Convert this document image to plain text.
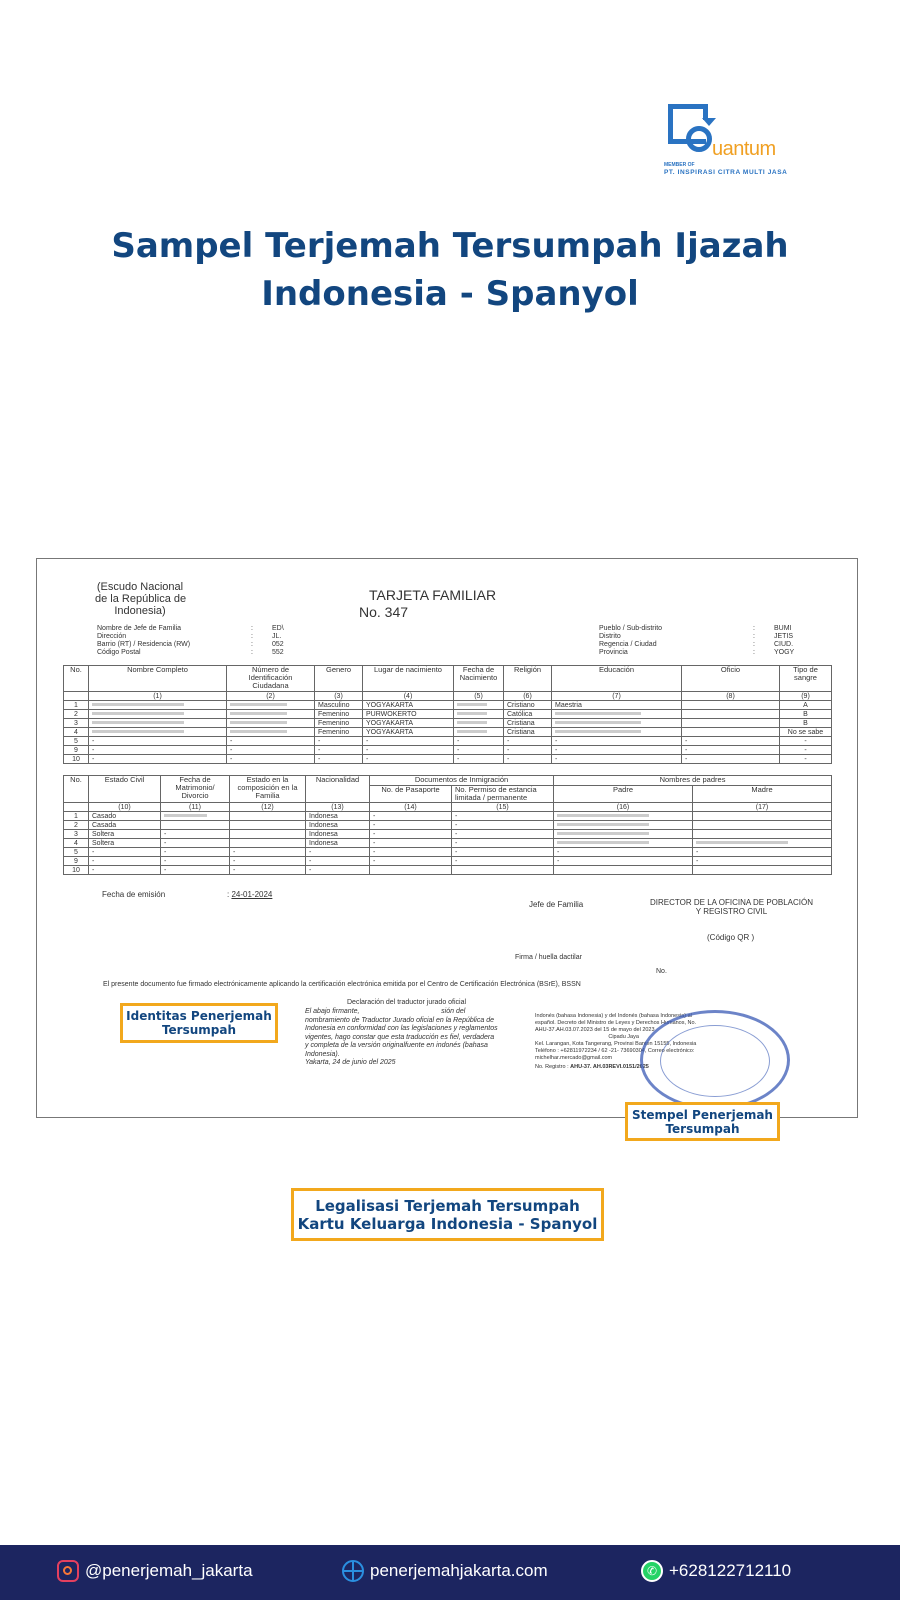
uantum
MEMBER OF
PT. INSPIRASI CITRA MULTI JASA
Sampel Terjemah Tersumpah Ijazah
Indonesia - Spanyol
(Escudo Nacional
de la República de
Indonesia)
TARJETA FAMILIAR
No. 347
Nombre de Jefe de Familia	:	ED\
Dirección	:	JL.
Barrio (RT) / Residencia (RW)	:	052
Código Postal	:	552
Pueblo / Sub-distrito	:	BUMI
Distrito	:	JETIS
Regencia / Ciudad	:	CIUD.
Provincia	:	YOGY
No.	Nombre Completo	Número de Identificación Ciudadana	Genero	Lugar de nacimiento	Fecha de Nacimiento	Religión	Educación	Oficio	Tipo de sangre
	(1)	(2)	(3)	(4)	(5)	(6)	(7)	(8)	(9)
1			Masculino	YOGYAKARTA		Cristiano	Maestria		A
2			Femenino	PURWOKERTO		Católica			B
3			Femenino	YOGYAKARTA		Cristiana			B
4			Femenino	YOGYAKARTA		Cristiana			No se sabe
5	-	-	-	-	-	-	-	-	-
9	-	-	-	-	-	-	-	-	-
10	-	-	-	-	-	-	-	-	-
No.	Estado Civil	Fecha de Matrimonio/ Divorcio	Estado en la composición en la Familia	Nacionalidad	Documentos de Inmigración		Nombres de padres	
					No. de Pasaporte	No. Permiso de estancia limitada / permanente	Padre	Madre
	(10)	(11)	(12)	(13)	(14)	(15)	(16)	(17)
1	Casado			Indonesa	-	-		
2	Casada			Indonesa	-	-		
3	Soltera	-		Indonesa	-	-		
4	Soltera	-		Indonesa	-	-		
5	-	-	-	-	-	-	-	-
9	-	-	-	-	-	-	-	-
10	-	-	-	-				
Fecha de emisión	: 24-01-2024
Jefe de Familia	DIRECTOR DE LA OFICINA DE POBLACIÓN
Y REGISTRO CIVIL
(Código QR )
Firma / huella dactilar
No.
El presente documento fue firmado electrónicamente aplicando la certificación electrónica emitida por el Centro de Certificación Electrónica (BSrE), BSSN
Declaración del traductor jurado oficial
El abajo firmante,                                          sión del
nombramiento de Traductor Jurado oficial en la República de
Indonesia en conformidad con las legislaciones y reglamentos
vigentes, hago constar que esta traducción es fiel, verdadera
y completa de la versión originalfuente en indonés (bahasa
Indonesia).
Yakarta, 24 de junio del 2025
Indonés (bahasa Indonesia) y del Indonés (bahasa Indonesia) al
español. Decreto del Ministro de Leyes y Derechos Humanos, No.
AHU-37.AH.03.07.2023 del 15 de mayo del 2023
Cipadu Jaya
Kel. Larangan, Kota Tangerang, Provinsi Banten 15155, Indonesia
Teléfono : +62811972234 / 62 -21- 73690304, Correo electrónico:
michelhar.mercado@gmail.com
No. Registro : AHU-37. AH.03REVI.0151/2025
Identitas Penerjemah
Tersumpah
Stempel Penerjemah
Tersumpah
Legalisasi Terjemah Tersumpah
Kartu Keluarga Indonesia - Spanyol
@penerjemah_jakarta	penerjemahjakarta.com	✆ +628122712110
